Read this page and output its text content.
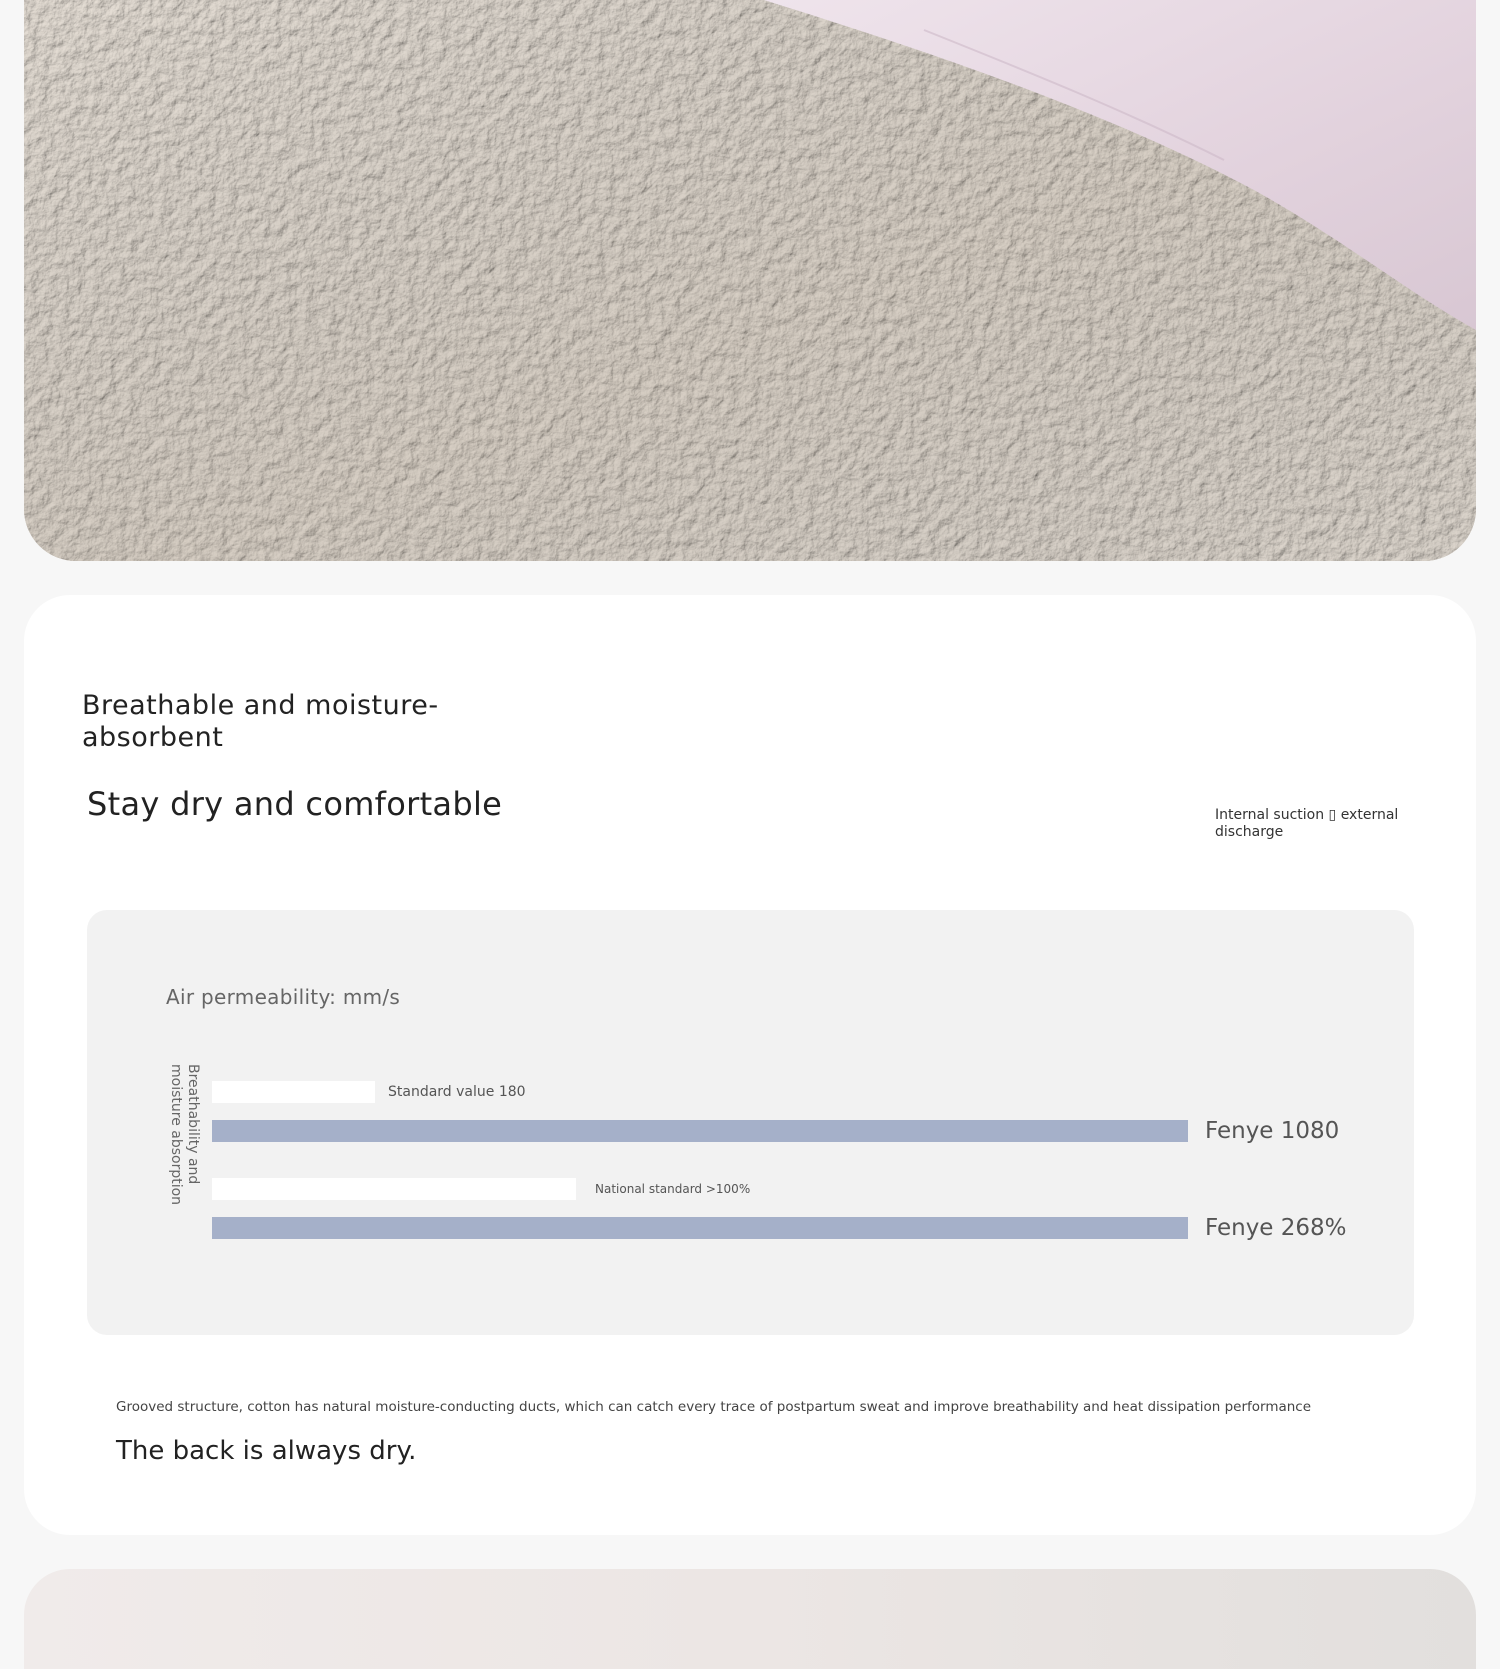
Breathable and moisture-absorbent
Stay dry and comfortable	Internal suction ▯ external discharge
Air permeability: mm/s
Breathability and moisture absorption	Standard value 180
Fenye 1080
National standard >100%
Fenye 268%
Grooved structure, cotton has natural moisture-conducting ducts, which can catch every trace of postpartum sweat and improve breathability and heat dissipation performance
The back is always dry.
